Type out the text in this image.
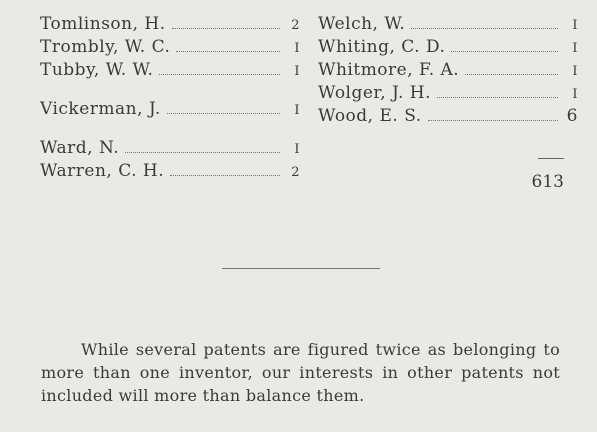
Tomlinson, H.	2
Trombly, W. C.	I
Tubby, W. W.	I
Vickerman, J.	I
Ward, N.	I
Warren, C. H.	2
Welch, W.	I
Whiting, C. D.	I
Whitmore, F. A.	I
Wolger, J. H.	I
Wood, E. S.	6
613

While several patents are figured twice as belonging to more than one inventor, our interests in other patents not included will more than balance them.
